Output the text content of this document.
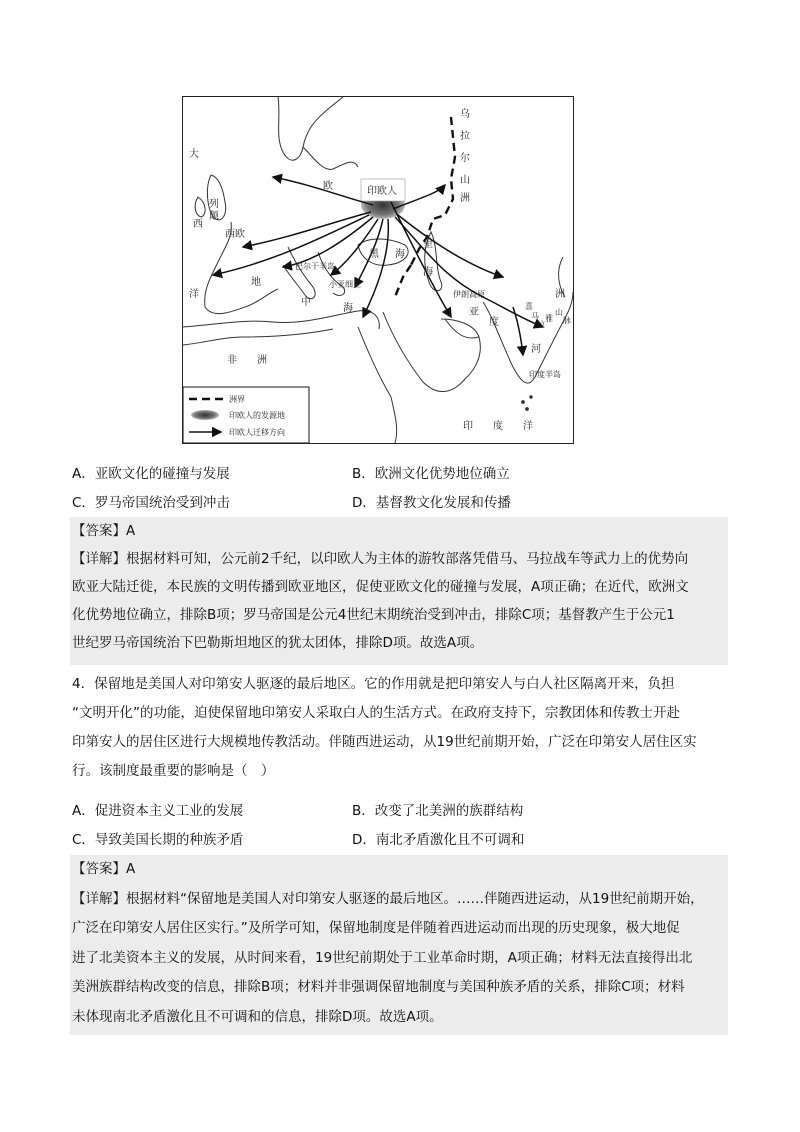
大
西
洋
欧
西欧
列
颠
巴尔干半岛
小亚细亚
黑 海
地
中
海
非　　洲
伊朗高原
亚
度
河
印度半岛
印　　度　　洋
印欧人
乌
拉
尔
山
洲
里
海
喜
马
拉
雅
山
脉
洲
洲界
印欧人的发源地
印欧人迁移方向
A．亚欧文化的碰撞与发展	B．欧洲文化优势地位确立
C．罗马帝国统治受到冲击	D．基督教文化发展和传播
【答案】A
【详解】根据材料可知，公元前2千纪，以印欧人为主体的游牧部落凭借马、马拉战车等武力上的优势向
欧亚大陆迁徙，本民族的文明传播到欧亚地区，促使亚欧文化的碰撞与发展，A项正确；在近代，欧洲文
化优势地位确立，排除B项；罗马帝国是公元4世纪末期统治受到冲击，排除C项；基督教产生于公元1
世纪罗马帝国统治下巴勒斯坦地区的犹太团体，排除D项。故选A项。
4．保留地是美国人对印第安人驱逐的最后地区。它的作用就是把印第安人与白人社区隔离开来，负担
“文明开化”的功能，迫使保留地印第安人采取白人的生活方式。在政府支持下，宗教团体和传教士开赴
印第安人的居住区进行大规模地传教活动。伴随西进运动，从19世纪前期开始，广泛在印第安人居住区实
行。该制度最重要的影响是（　）
A．促进资本主义工业的发展	B．改变了北美洲的族群结构
C．导致美国长期的种族矛盾	D．南北矛盾激化且不可调和
【答案】A
【详解】根据材料“保留地是美国人对印第安人驱逐的最后地区。……伴随西进运动，从19世纪前期开始，
广泛在印第安人居住区实行。”及所学可知，保留地制度是伴随着西进运动而出现的历史现象，极大地促
进了北美资本主义的发展，从时间来看，19世纪前期处于工业革命时期，A项正确；材料无法直接得出北
美洲族群结构改变的信息，排除B项；材料并非强调保留地制度与美国种族矛盾的关系，排除C项；材料
未体现南北矛盾激化且不可调和的信息，排除D项。故选A项。
